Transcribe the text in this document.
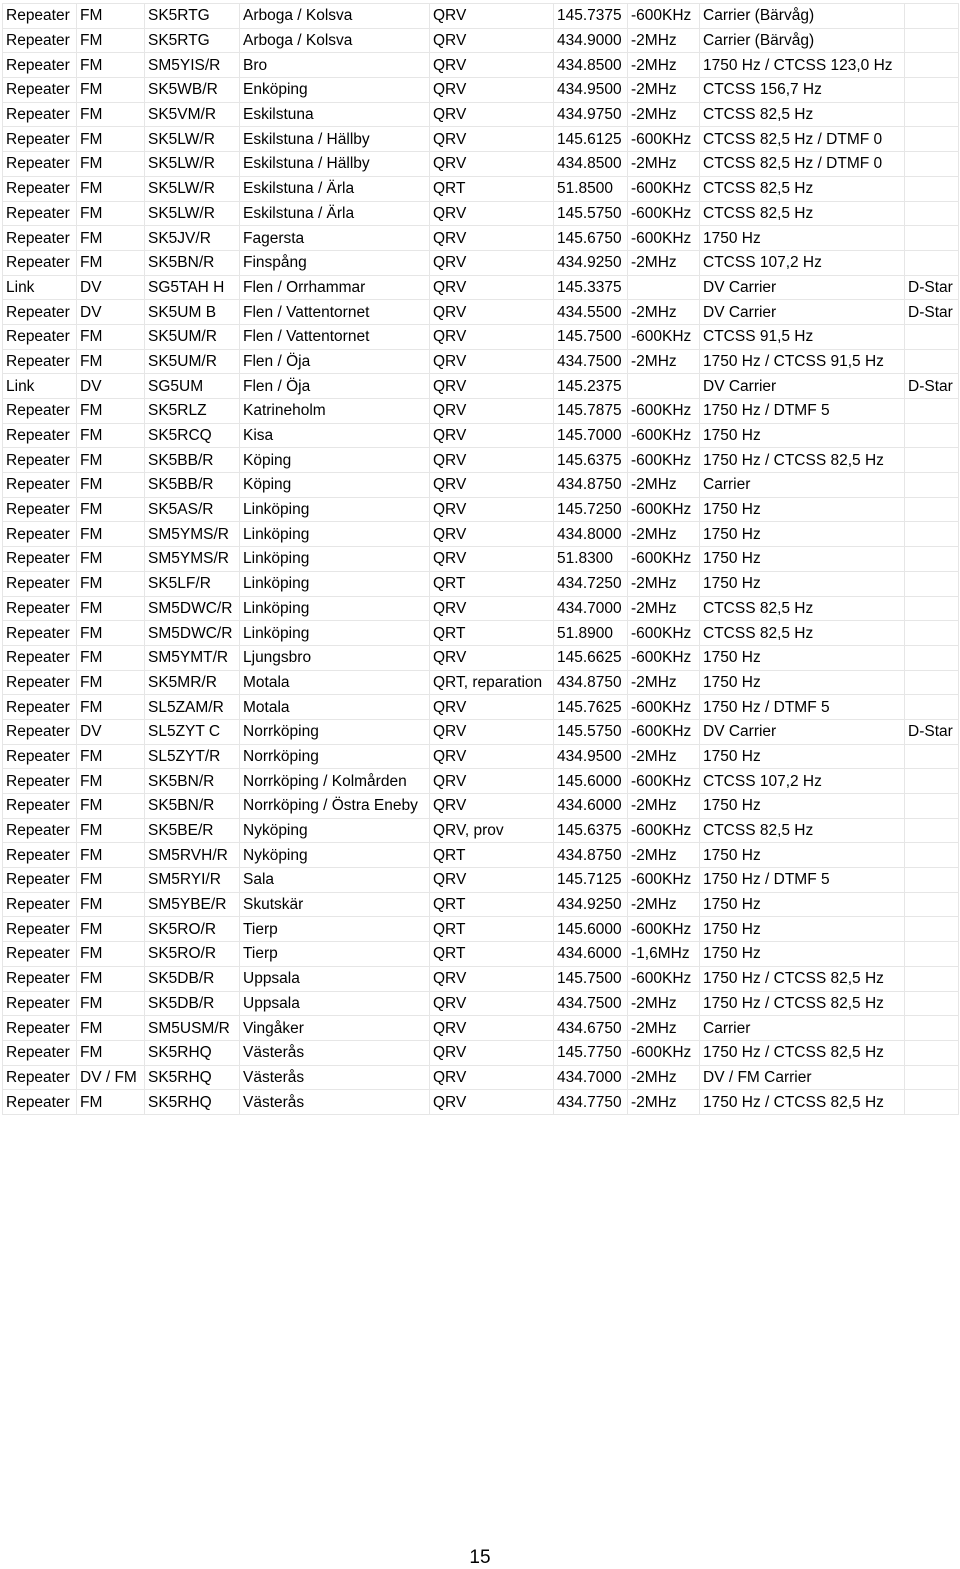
Repeater	FM	SK5RTG	Arboga / Kolsva	QRV	145.7375	-600KHz	Carrier (Bärvåg)	
Repeater	FM	SK5RTG	Arboga / Kolsva	QRV	434.9000	-2MHz	Carrier (Bärvåg)	
Repeater	FM	SM5YIS/R	Bro	QRV	434.8500	-2MHz	1750 Hz / CTCSS 123,0 Hz	
Repeater	FM	SK5WB/R	Enköping	QRV	434.9500	-2MHz	CTCSS 156,7 Hz	
Repeater	FM	SK5VM/R	Eskilstuna	QRV	434.9750	-2MHz	CTCSS 82,5 Hz	
Repeater	FM	SK5LW/R	Eskilstuna / Hällby	QRV	145.6125	-600KHz	CTCSS 82,5 Hz / DTMF 0	
Repeater	FM	SK5LW/R	Eskilstuna / Hällby	QRV	434.8500	-2MHz	CTCSS 82,5 Hz / DTMF 0	
Repeater	FM	SK5LW/R	Eskilstuna / Ärla	QRT	51.8500	-600KHz	CTCSS 82,5 Hz	
Repeater	FM	SK5LW/R	Eskilstuna / Ärla	QRV	145.5750	-600KHz	CTCSS 82,5 Hz	
Repeater	FM	SK5JV/R	Fagersta	QRV	145.6750	-600KHz	1750 Hz	
Repeater	FM	SK5BN/R	Finspång	QRV	434.9250	-2MHz	CTCSS 107,2 Hz	
Link	DV	SG5TAH H	Flen / Orrhammar	QRV	145.3375		DV Carrier	D-Star
Repeater	DV	SK5UM B	Flen / Vattentornet	QRV	434.5500	-2MHz	DV Carrier	D-Star
Repeater	FM	SK5UM/R	Flen / Vattentornet	QRV	145.7500	-600KHz	CTCSS 91,5 Hz	
Repeater	FM	SK5UM/R	Flen / Öja	QRV	434.7500	-2MHz	1750 Hz / CTCSS 91,5 Hz	
Link	DV	SG5UM	Flen / Öja	QRV	145.2375		DV Carrier	D-Star
Repeater	FM	SK5RLZ	Katrineholm	QRV	145.7875	-600KHz	1750 Hz / DTMF 5	
Repeater	FM	SK5RCQ	Kisa	QRV	145.7000	-600KHz	1750 Hz	
Repeater	FM	SK5BB/R	Köping	QRV	145.6375	-600KHz	1750 Hz / CTCSS 82,5 Hz	
Repeater	FM	SK5BB/R	Köping	QRV	434.8750	-2MHz	Carrier	
Repeater	FM	SK5AS/R	Linköping	QRV	145.7250	-600KHz	1750 Hz	
Repeater	FM	SM5YMS/R	Linköping	QRV	434.8000	-2MHz	1750 Hz	
Repeater	FM	SM5YMS/R	Linköping	QRV	51.8300	-600KHz	1750 Hz	
Repeater	FM	SK5LF/R	Linköping	QRT	434.7250	-2MHz	1750 Hz	
Repeater	FM	SM5DWC/R	Linköping	QRV	434.7000	-2MHz	CTCSS 82,5 Hz	
Repeater	FM	SM5DWC/R	Linköping	QRT	51.8900	-600KHz	CTCSS 82,5 Hz	
Repeater	FM	SM5YMT/R	Ljungsbro	QRV	145.6625	-600KHz	1750 Hz	
Repeater	FM	SK5MR/R	Motala	QRT, reparation	434.8750	-2MHz	1750 Hz	
Repeater	FM	SL5ZAM/R	Motala	QRV	145.7625	-600KHz	1750 Hz / DTMF 5	
Repeater	DV	SL5ZYT C	Norrköping	QRV	145.5750	-600KHz	DV Carrier	D-Star
Repeater	FM	SL5ZYT/R	Norrköping	QRV	434.9500	-2MHz	1750 Hz	
Repeater	FM	SK5BN/R	Norrköping / Kolmården	QRV	145.6000	-600KHz	CTCSS 107,2 Hz	
Repeater	FM	SK5BN/R	Norrköping / Östra Eneby	QRV	434.6000	-2MHz	1750 Hz	
Repeater	FM	SK5BE/R	Nyköping	QRV, prov	145.6375	-600KHz	CTCSS 82,5 Hz	
Repeater	FM	SM5RVH/R	Nyköping	QRT	434.8750	-2MHz	1750 Hz	
Repeater	FM	SM5RYI/R	Sala	QRV	145.7125	-600KHz	1750 Hz / DTMF 5	
Repeater	FM	SM5YBE/R	Skutskär	QRT	434.9250	-2MHz	1750 Hz	
Repeater	FM	SK5RO/R	Tierp	QRT	145.6000	-600KHz	1750 Hz	
Repeater	FM	SK5RO/R	Tierp	QRT	434.6000	-1,6MHz	1750 Hz	
Repeater	FM	SK5DB/R	Uppsala	QRV	145.7500	-600KHz	1750 Hz / CTCSS 82,5 Hz	
Repeater	FM	SK5DB/R	Uppsala	QRV	434.7500	-2MHz	1750 Hz / CTCSS 82,5 Hz	
Repeater	FM	SM5USM/R	Vingåker	QRV	434.6750	-2MHz	Carrier	
Repeater	FM	SK5RHQ	Västerås	QRV	145.7750	-600KHz	1750 Hz / CTCSS 82,5 Hz	
Repeater	DV / FM	SK5RHQ	Västerås	QRV	434.7000	-2MHz	DV / FM Carrier	
Repeater	FM	SK5RHQ	Västerås	QRV	434.7750	-2MHz	1750 Hz / CTCSS 82,5 Hz	
15
